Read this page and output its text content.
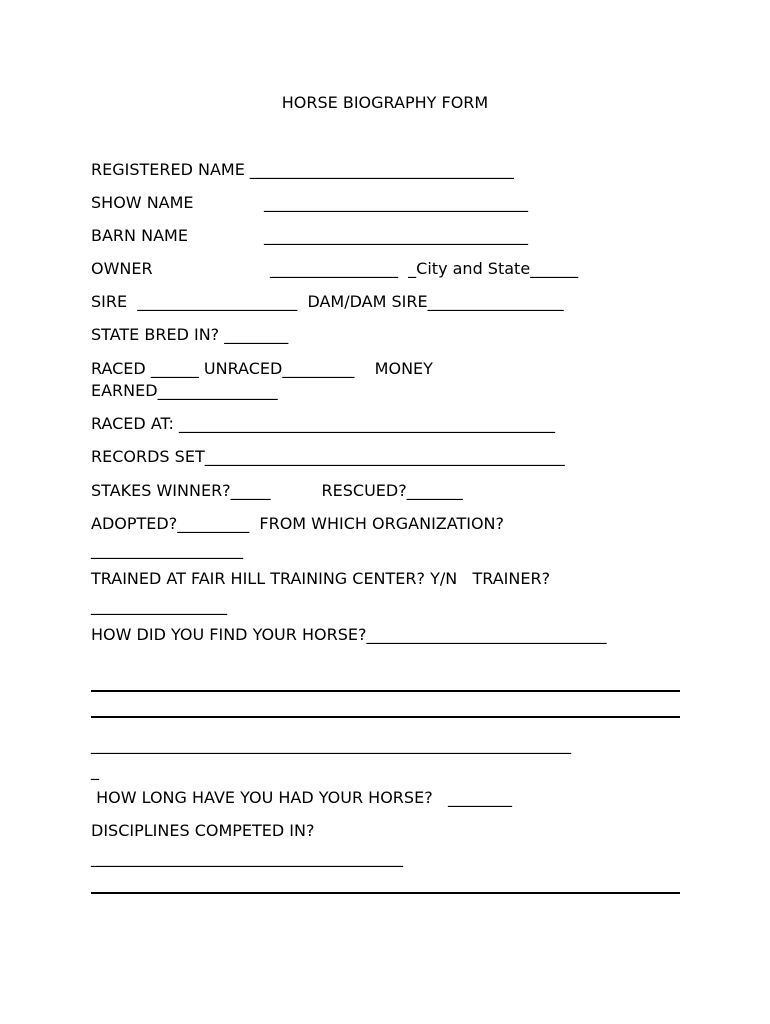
HORSE BIOGRAPHY FORM
REGISTERED NAME _________________________________
SHOW NAME	_________________________________
BARN NAME	_________________________________
OWNER	________________  _City and State______
SIRE  ____________________  DAM/DAM SIRE_________________
STATE BRED IN? ________
RACED ______ UNRACED_________    MONEY
EARNED_______________
RACED AT: _______________________________________________
RECORDS SET_____________________________________________
STAKES WINNER?_____          RESCUED?_______
ADOPTED?_________  FROM WHICH ORGANIZATION?
___________________
TRAINED AT FAIR HILL TRAINING CENTER? Y/N   TRAINER?
_________________
HOW DID YOU FIND YOUR HORSE?______________________________
____________________________________________________________
_
HOW LONG HAVE YOU HAD YOUR HORSE?   ________
DISCIPLINES COMPETED IN?
_______________________________________
